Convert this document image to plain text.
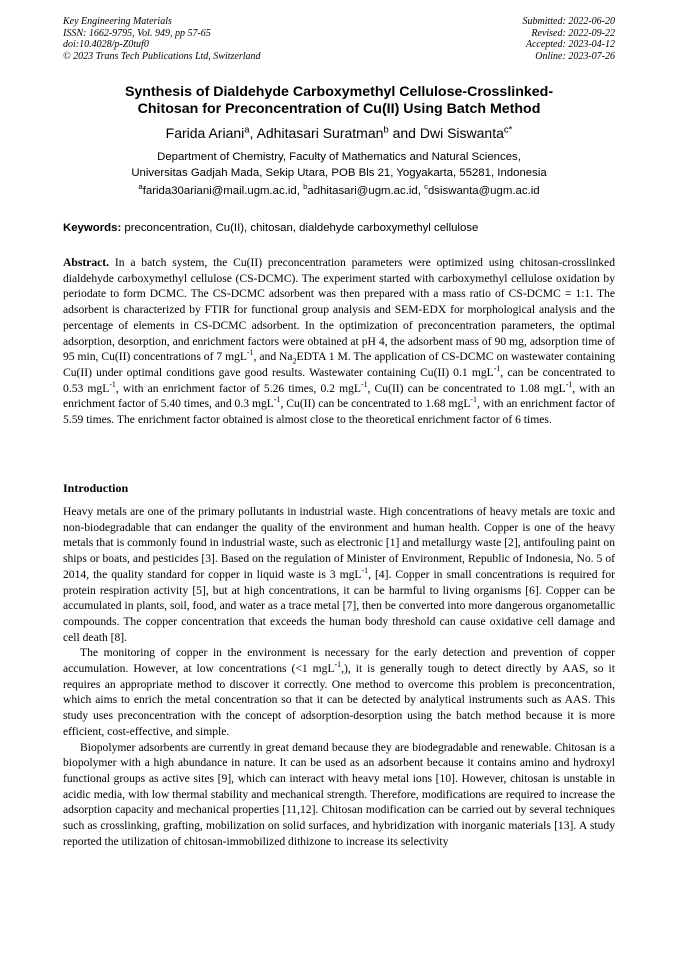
Key Engineering Materials
ISSN: 1662-9795, Vol. 949, pp 57-65
doi:10.4028/p-Z0tuf0
© 2023 Trans Tech Publications Ltd, Switzerland
Submitted: 2022-06-20
Revised: 2022-09-22
Accepted: 2023-04-12
Online: 2023-07-26
Synthesis of Dialdehyde Carboxymethyl Cellulose-Crosslinked-
Chitosan for Preconcentration of Cu(II) Using Batch Method
Farida Ariani$^a$, Adhitasari Suratman$^b$ and Dwi Siswanta$^{c*}$
Department of Chemistry, Faculty of Mathematics and Natural Sciences,
Universitas Gadjah Mada, Sekip Utara, POB Bls 21, Yogyakarta, 55281, Indonesia
$^a$farida30ariani@mail.ugm.ac.id, $^b$adhitasari@ugm.ac.id, $^c$dsiswanta@ugm.ac.id
Keywords: preconcentration, Cu(II), chitosan, dialdehyde carboxymethyl cellulose

Abstract. In a batch system, the Cu(II) preconcentration parameters were optimized using chitosan-crosslinked dialdehyde carboxymethyl cellulose (CS-DCMC). The experiment started with carboxymethyl cellulose oxidation by periodate to form DCMC. The CS-DCMC adsorbent was then prepared with a mass ratio of CS-DCMC = 1:1. The adsorbent is characterized by FTIR for functional group analysis and SEM-EDX for morphological analysis and the percentage of elements in CS-DCMC adsorbent. In the optimization of preconcentration parameters, the optimal adsorption, desorption, and enrichment factors were obtained at pH 4, the adsorbent mass of 90 mg, adsorption time of 95 min, Cu(II) concentrations of 7 mgL$^{-1}$, and $Na_2EDTA$ 1 M. The application of CS-DCMC on wastewater containing Cu(II) under optimal conditions gave good results. Wastewater containing Cu(II) 0.1 mgL$^{-1}$, can be concentrated to 0.53 mgL$^{-1}$, with an enrichment factor of 5.26 times, 0.2 mgL$^{-1}$, Cu(II) can be concentrated to 1.08 mgL$^{-1}$, with an enrichment factor of 5.40 times, and 0.3 mgL$^{-1}$, Cu(II) can be concentrated to 1.68 mgL$^{-1}$, with an enrichment factor of 5.59 times. The enrichment factor obtained is almost close to the theoretical enrichment factor of 6 times.

Introduction

Heavy metals are one of the primary pollutants in industrial waste. High concentrations of heavy metals are toxic and non-biodegradable that can endanger the quality of the environment and human health. Copper is one of the heavy metals that is commonly found in industrial waste, such as electronic [1] and metallurgy waste [2], antifouling paint on ships or boats, and pesticides [3]. Based on the regulation of Minister of Environment, Republic of Indonesia, No. 5 of 2014, the quality standard for copper in liquid waste is 3 mgL$^{-1}$, [4]. Copper in small concentrations is required for protein respiration activity [5], but at high concentrations, it can be harmful to living organisms [6]. Copper can be accumulated in plants, soil, food, and water as a trace metal [7], then be converted into more dangerous organometallic compounds. The copper concentration that exceeds the human body threshold can cause oxidative cell damage and cell death [8].

The monitoring of copper in the environment is necessary for the early detection and prevention of copper accumulation. However, at low concentrations (<1 mgL$^{-1}$,), it is generally tough to detect directly by AAS, so it requires an appropriate method to discover it correctly. One method to overcome this problem is preconcentration, which aims to enrich the metal concentration so that it can be detected by analytical instruments such as AAS. This study uses preconcentration with the concept of adsorption-desorption using the batch method because it is more efficient, cost-effective, and simple.

Biopolymer adsorbents are currently in great demand because they are biodegradable and renewable. Chitosan is a biopolymer with a high abundance in nature. It can be used as an adsorbent because it contains amino and hydroxyl functional groups as active sites [9], which can interact with heavy metal ions [10]. However, chitosan is unstable in acidic media, with low thermal stability and mechanical strength. Therefore, modifications are required to increase the adsorption capacity and mechanical properties [11,12]. Chitosan modification can be carried out by several techniques such as crosslinking, grafting, mobilization on solid surfaces, and hybridization with inorganic materials [13]. A study reported the utilization of chitosan-immobilized dithizone to increase its selectivity
